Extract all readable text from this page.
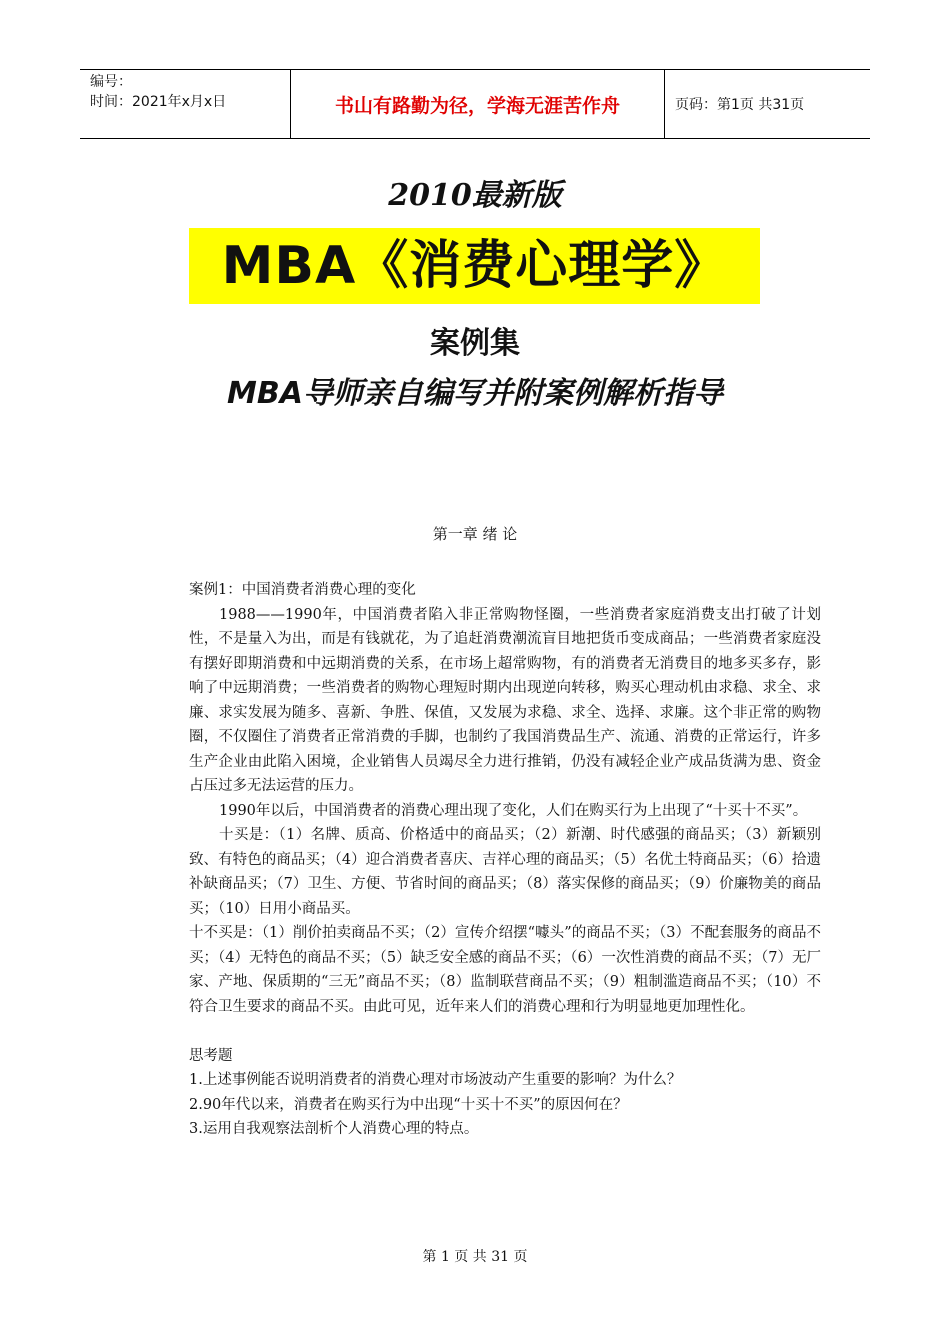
编号：
时间：2021年x月x日	书山有路勤为径，学海无涯苦作舟	页码：第1页 共31页
2010最新版
MBA《消费心理学》
案例集
MBA导师亲自编写并附案例解析指导
第一章 绪 论

案例1：中国消费者消费心理的变化

1988——1990年，中国消费者陷入非正常购物怪圈，一些消费者家庭消费支出打破了计划性，不是量入为出，而是有钱就花，为了追赶消费潮流盲目地把货币变成商品；一些消费者家庭没有摆好即期消费和中远期消费的关系，在市场上超常购物，有的消费者无消费目的地多买多存，影响了中远期消费；一些消费者的购物心理短时期内出现逆向转移，购买心理动机由求稳、求全、求廉、求实发展为随多、喜新、争胜、保值，又发展为求稳、求全、选择、求廉。这个非正常的购物圈，不仅圈住了消费者正常消费的手脚，也制约了我国消费品生产、流通、消费的正常运行，许多生产企业由此陷入困境，企业销售人员竭尽全力进行推销，仍没有减轻企业产成品货满为患、资金占压过多无法运营的压力。

1990年以后，中国消费者的消费心理出现了变化，人们在购买行为上出现了“十买十不买”。

十买是：（1）名牌、质高、价格适中的商品买；（2）新潮、时代感强的商品买；（3）新颖别致、有特色的商品买；（4）迎合消费者喜庆、吉祥心理的商品买；（5）名优土特商品买；（6）拾遗补缺商品买；（7）卫生、方便、节省时间的商品买；（8）落实保修的商品买；（9）价廉物美的商品买；（10）日用小商品买。

十不买是：（1）削价拍卖商品不买；（2）宣传介绍摆“噱头”的商品不买；（3）不配套服务的商品不买；（4）无特色的商品不买；（5）缺乏安全感的商品不买；（6）一次性消费的商品不买；（7）无厂家、产地、保质期的“三无”商品不买；（8）监制联营商品不买；（9）粗制滥造商品不买；（10）不符合卫生要求的商品不买。由此可见，近年来人们的消费心理和行为明显地更加理性化。

思考题

1.上述事例能否说明消费者的消费心理对市场波动产生重要的影响？为什么？

2.90年代以来，消费者在购买行为中出现“十买十不买”的原因何在？

3.运用自我观察法剖析个人消费心理的特点。

第 1 页 共 31 页
